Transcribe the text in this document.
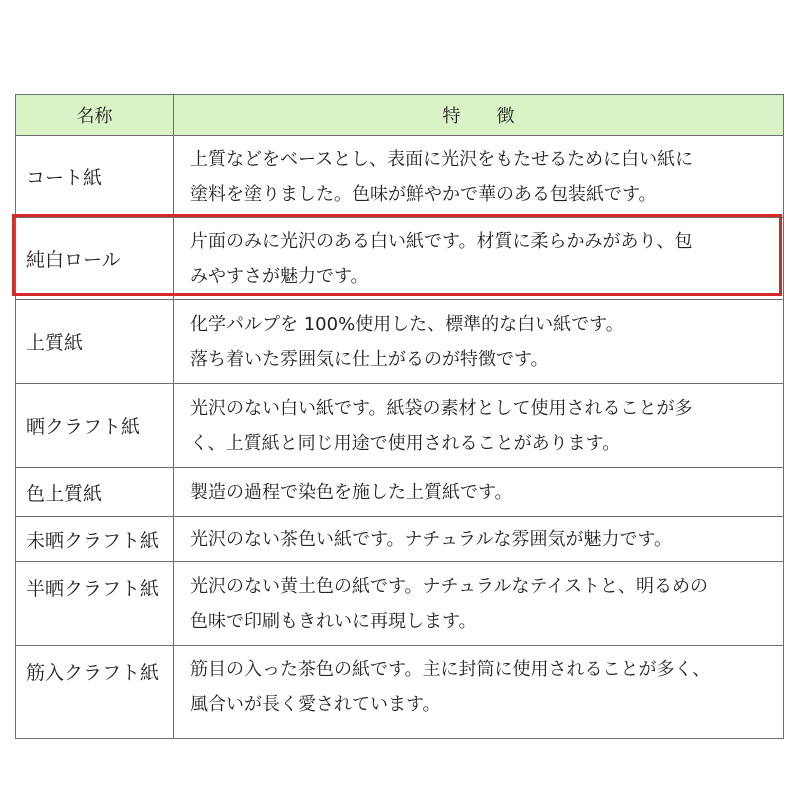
名称	特　　徴
コート紙	上質などをベースとし、表面に光沢をもたせるために白い紙に
塗料を塗りました。色味が鮮やかで華のある包装紙です。

純白ロール	片面のみに光沢のある白い紙です。材質に柔らかみがあり、包
みやすさが魅力です。

上質紙	化学パルプを 100%使用した、標準的な白い紙です。
落ち着いた雰囲気に仕上がるのが特徴です。

晒クラフト紙	光沢のない白い紙です。紙袋の素材として使用されることが多
く、上質紙と同じ用途で使用されることがあります。

色上質紙	製造の過程で染色を施した上質紙です。

未晒クラフト紙	光沢のない茶色い紙です。ナチュラルな雰囲気が魅力です。

半晒クラフト紙	光沢のない黄土色の紙です。ナチュラルなテイストと、明るめの
色味で印刷もきれいに再現します。

筋入クラフト紙	筋目の入った茶色の紙です。主に封筒に使用されることが多く、
風合いが長く愛されています。
